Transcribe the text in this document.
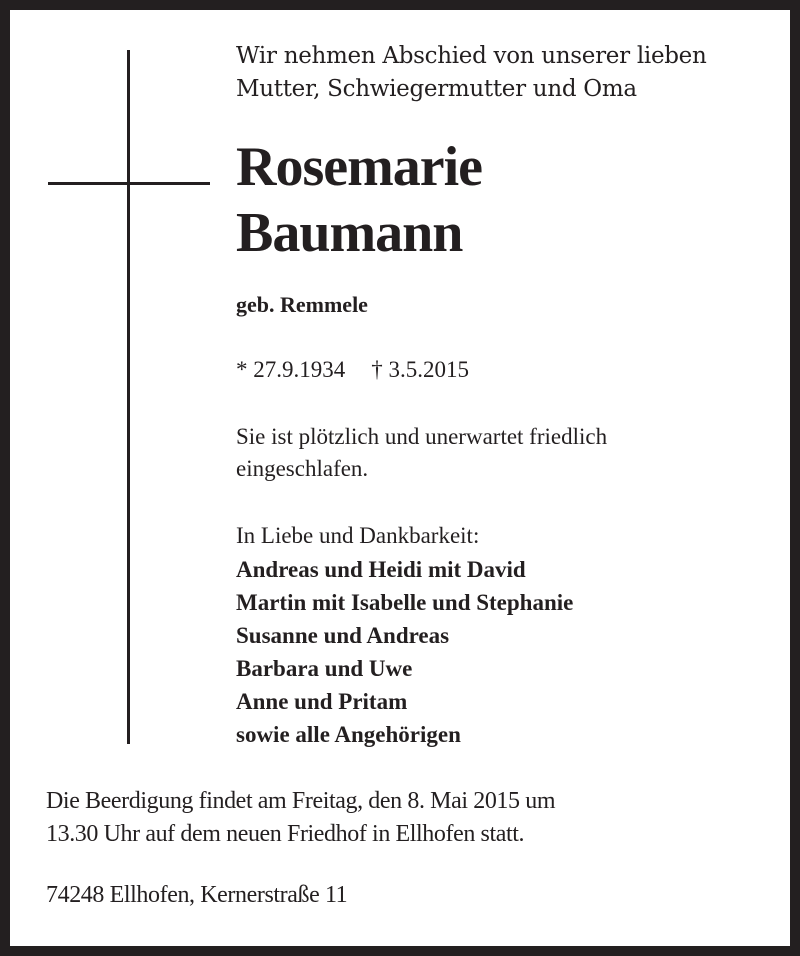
Wir nehmen Abschied von unserer lieben
Mutter, Schwiegermutter und Oma
Rosemarie
Baumann
geb. Remmele
* 27.9.1934 † 3.5.2015
Sie ist plötzlich und unerwartet friedlich
eingeschlafen.
In Liebe und Dankbarkeit:
Andreas und Heidi mit David
Martin mit Isabelle und Stephanie
Susanne und Andreas
Barbara und Uwe
Anne und Pritam
sowie alle Angehörigen
Die Beerdigung findet am Freitag, den 8. Mai 2015 um
13.30 Uhr auf dem neuen Friedhof in Ellhofen statt.
74248 Ellhofen, Kernerstraße 11
